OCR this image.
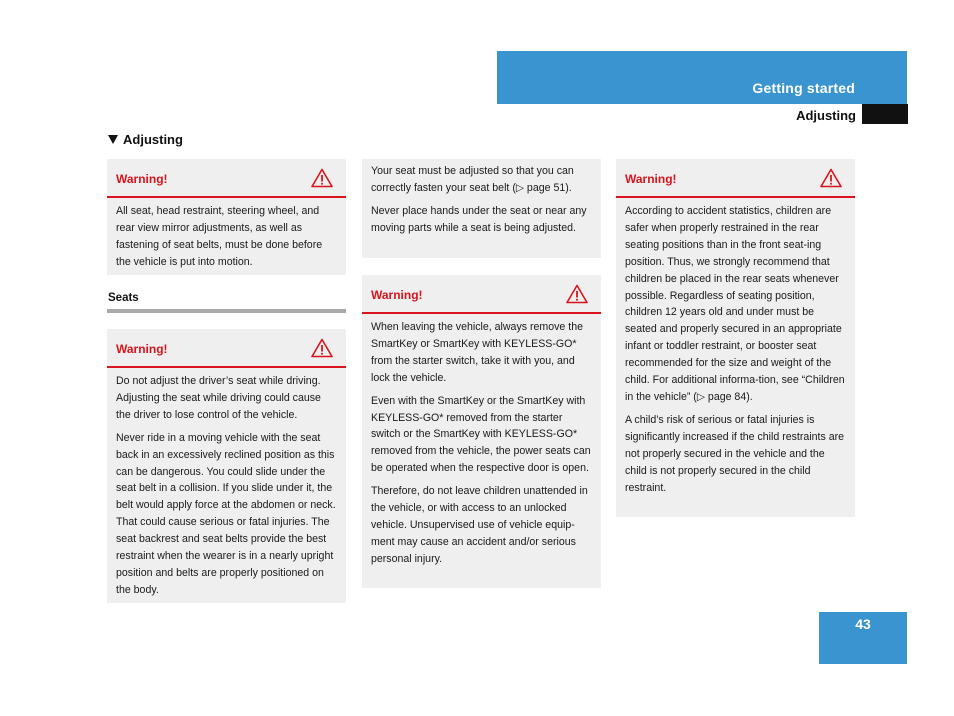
Getting started
Adjusting
Adjusting
Warning!

All seat, head restraint, steering wheel, and rear view mirror adjustments, as well as fastening of seat belts, must be done before the vehicle is put into motion.

Seats
Warning!

Do not adjust the driver’s seat while driving. Adjusting the seat while driving could cause the driver to lose control of the vehicle.

Never ride in a moving vehicle with the seat back in an excessively reclined position as this can be dangerous. You could slide under the seat belt in a collision. If you slide under it, the belt would apply force at the abdomen or neck. That could cause serious or fatal injuries. The seat backrest and seat belts provide the best restraint when the wearer is in a nearly upright position and belts are properly positioned on the body.

Your seat must be adjusted so that you can correctly fasten your seat belt (▷ page 51).

Never place hands under the seat or near any moving parts while a seat is being adjusted.

Warning!

When leaving the vehicle, always remove the SmartKey or SmartKey with KEYLESS-GO* from the starter switch, take it with you, and lock the vehicle.

Even with the SmartKey or the SmartKey with KEYLESS-GO* removed from the starter switch or the SmartKey with KEYLESS-GO* removed from the vehicle, the power seats can be operated when the respective door is open.

Therefore, do not leave children unattended in the vehicle, or with access to an unlocked vehicle. Unsupervised use of vehicle equip-ment may cause an accident and/or serious personal injury.

Warning!

According to accident statistics, children are safer when properly restrained in the rear seating positions than in the front seat-ing position. Thus, we strongly recommend that children be placed in the rear seats whenever possible. Regardless of seating position, children 12 years old and under must be seated and properly secured in an appropriate infant or toddler restraint, or booster seat recommended for the size and weight of the child. For additional informa-tion, see “Children in the vehicle” (▷ page 84).

A child’s risk of serious or fatal injuries is significantly increased if the child restraints are not properly secured in the vehicle and the child is not properly secured in the child restraint.

43
